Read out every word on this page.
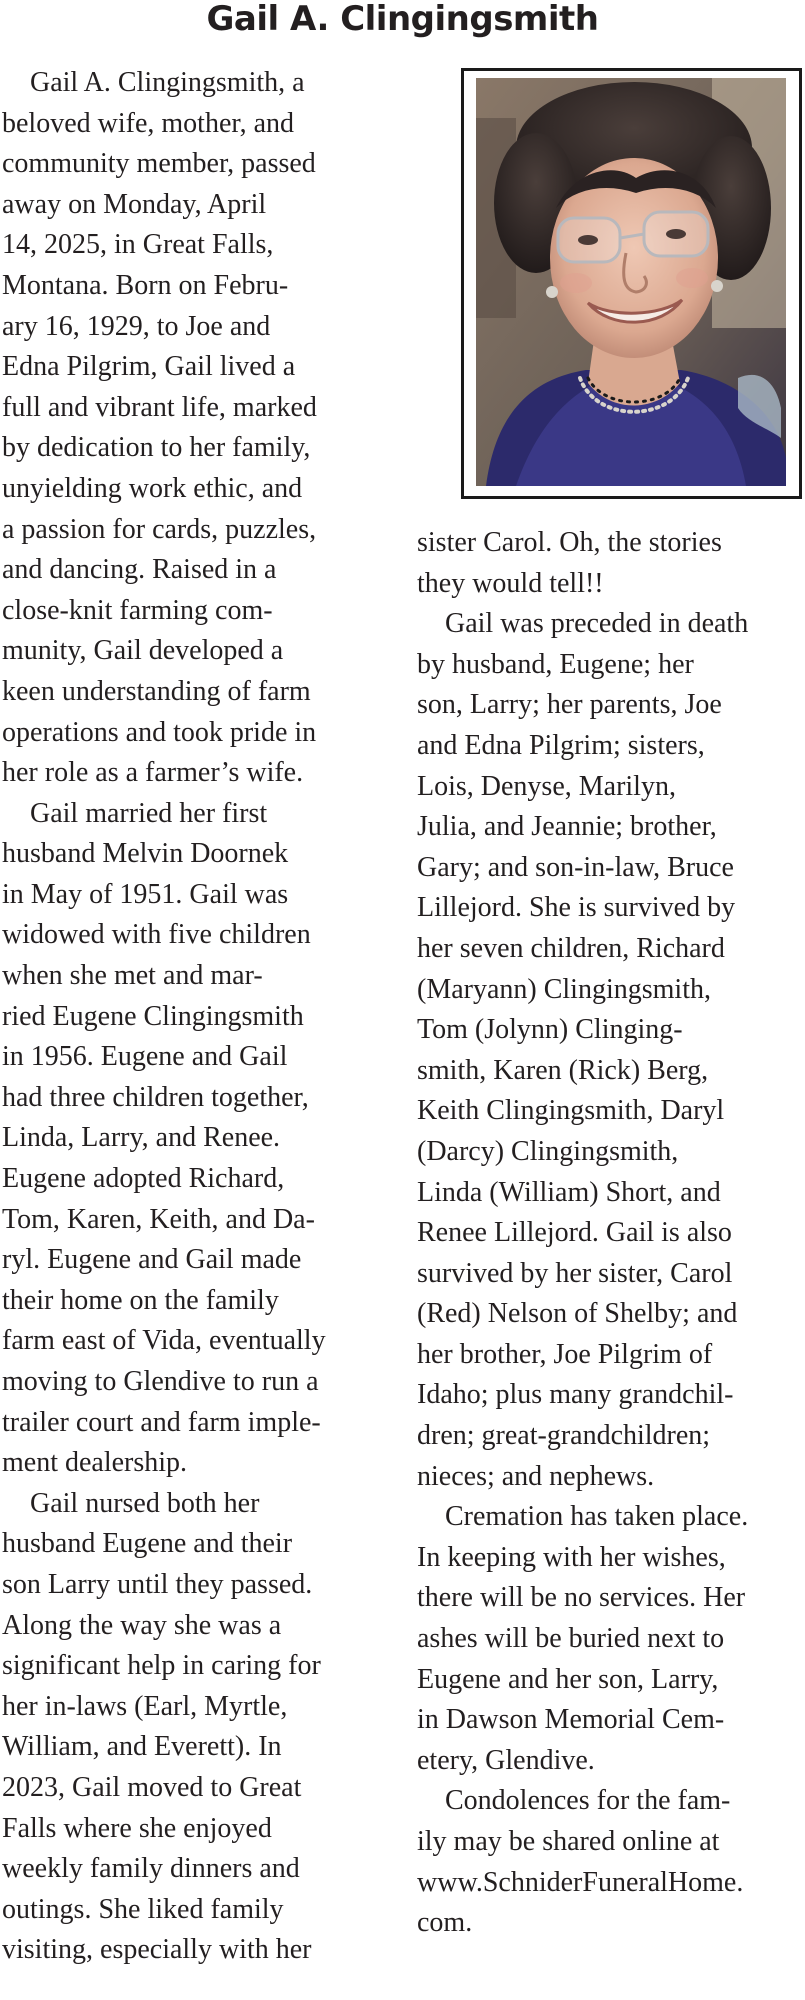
Gail A. Clingingsmith
 Gail A. Clingingsmith, a
beloved wife, mother, and
community member, passed
away on Monday, April
14, 2025, in Great Falls,
Montana. Born on Febru-
ary 16, 1929, to Joe and
Edna Pilgrim, Gail lived a
full and vibrant life, marked
by dedication to her family,
unyielding work ethic, and
a passion for cards, puzzles,
and dancing. Raised in a
close-knit farming com-
munity, Gail developed a
keen understanding of farm
operations and took pride in
her role as a farmer’s wife.
 Gail married her first
husband Melvin Doornek
in May of 1951. Gail was
widowed with five children
when she met and mar-
ried Eugene Clingingsmith
in 1956. Eugene and Gail
had three children together,
Linda, Larry, and Renee.
Eugene adopted Richard,
Tom, Karen, Keith, and Da-
ryl. Eugene and Gail made
their home on the family
farm east of Vida, eventually
moving to Glendive to run a
trailer court and farm imple-
ment dealership.
 Gail nursed both her
husband Eugene and their
son Larry until they passed.
Along the way she was a
significant help in caring for
her in-laws (Earl, Myrtle,
William, and Everett). In
2023, Gail moved to Great
Falls where she enjoyed
weekly family dinners and
outings. She liked family
visiting, especially with her
sister Carol. Oh, the stories
they would tell!!
 Gail was preceded in death
by husband, Eugene; her
son, Larry; her parents, Joe
and Edna Pilgrim; sisters,
Lois, Denyse, Marilyn,
Julia, and Jeannie; brother,
Gary; and son-in-law, Bruce
Lillejord. She is survived by
her seven children, Richard
(Maryann) Clingingsmith,
Tom (Jolynn) Clinging-
smith, Karen (Rick) Berg,
Keith Clingingsmith, Daryl
(Darcy) Clingingsmith,
Linda (William) Short, and
Renee Lillejord. Gail is also
survived by her sister, Carol
(Red) Nelson of Shelby; and
her brother, Joe Pilgrim of
Idaho; plus many grandchil-
dren; great-grandchildren;
nieces; and nephews.
 Cremation has taken place.
In keeping with her wishes,
there will be no services. Her
ashes will be buried next to
Eugene and her son, Larry,
in Dawson Memorial Cem-
etery, Glendive.
 Condolences for the fam-
ily may be shared online at
www.SchniderFuneralHome.
com.
